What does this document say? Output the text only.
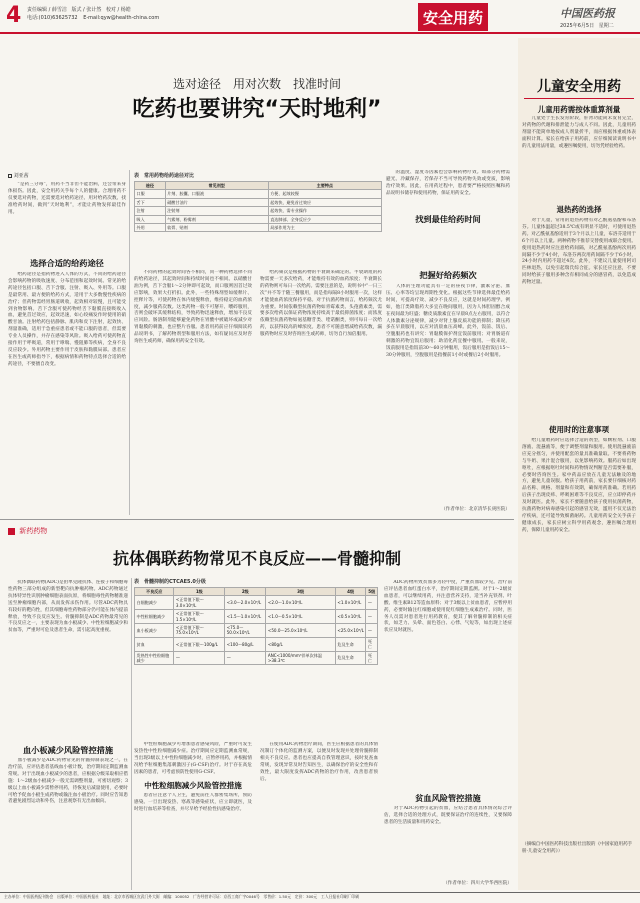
4 责任编辑 / 薛雪洁 版式 / 张计然 校对 / 杨皓
电话:(010)63625732 E-mail:qyw@health-china.com	安全用药	中国医药报
2025年6月5日 星期二
选对途径　用对次数　找准时间
吃药也要讲究“天时地利”
刘亚茜
　　“是药三分毒”，用药不当非但不能治病，还会带来身体损伤。因此，安全用药关乎每个人的健康。合理用药不仅要选对药物，还需要选对给药途径、用对给药次数、找准给药时间，做到“天时地利”，才能让药物发挥最佳作用。
选择合适的给药途径
　　给药途径是指药物进入人体的方式，不同的给药途径会影响药物的吸收速度、分布范围和起效时间。常见的给药途径包括口服、舌下含服、注射、吸入、外用等。口服是最常用、最方便的给药方式，适用于大多数慢性疾病的治疗；但药物需经胃肠道吸收，起效相对较慢，且可能受到食物影响。舌下含服可使药物经舌下黏膜直接吸收入血，避免首过效应，起效迅速，如心绞痛发作时使用的硝酸甘油。注射给药包括静脉、肌肉和皮下注射，起效快、剂量准确，适用于急重症患者或不能口服的患者，但需要专业人员操作，并存在感染等风险。吸入给药可使药物直接作用于呼吸道，常用于哮喘、慢阻肺等疾病，全身不良反应较少。外用药物主要作用于皮肤和黏膜局部。患者应在医生或药师指导下，根据病情和药物特点选择合适的给药途径，不要擅自改变。
表　常用药物给药途径对比
途径	常见剂型	主要特点
口服	片剂、胶囊、口服液	方便、起效较慢
舌下	硝酸甘油片	起效快、避免首过效应
注射	注射剂	起效快、需专业操作
吸入	气雾剂、粉雾剂	直达肺部、全身反应少
外用	软膏、贴剂	局部作用为主
　　不同药物的起效时间各不相同，同一种药物选择不同的给药途径，其起效时间和持续时间也不相同。以硝酸甘油为例，舌下含服1～2分钟即可起效，而口服则因首过效应影响，效果大打折扣。此外，一些特殊剂型如缓释片、控释片等，可使药物在体内缓慢释放，维持稳定的血药浓度，减少服药次数。这类药物一般不可掰开、嚼碎服用，否则会破坏其缓释结构，导致药物迅速释放，增加不良反应风险。肠溶制剂能够避免药物在胃酸中被破坏或减少对胃黏膜的刺激，也应整片吞服。患者用药前应仔细阅读药品说明书，了解药物剂型和服用方法，如有疑问应及时咨询医生或药师，确保用药安全有效。
　　给药频次是根据药物的半衰期来确定的。半衰期短的药物需要一天多次给药，才能维持有效的血药浓度；半衰期长的药物则可每日一次给药。需要注意的是，说明书中“一日三次”并不等于随三餐服用，而是指每隔8小时服用一次，这样才能使血药浓度保持平稳。对于抗菌药物而言，给药频次尤为重要。时间依赖型抗菌药物如青霉素类、头孢菌素类，需要多次给药以保证药物浓度持续高于最低抑菌浓度；而浓度依赖型抗菌药物如氨基糖苷类、喹诺酮类，则可每日一次给药，以获得较高的峰浓度。患者不可随意增减给药次数，漏服药物时应及时咨询医生或药师，切勿自行加倍服用。
把握好给药频次
　　的温度、湿度等因素也会影响药物疗效。如部分药物需避光、冷藏保存，若保存不当可导致药物失效或变质，影响治疗效果。因此，在用药过程中，患者要严格按照医嘱和药品说明书储存和使用药物，保证用药安全。
找到最佳给药时间
　　人体的生理功能具有一定的昼夜节律，激素分泌、血压、心率等均呈现周期性变化。根据这些节律选择最佳给药时间，可提高疗效、减少不良反应，这就是时间药理学。例如，他汀类降脂药大多宜在晚间服用，因为人体胆固醇合成在夜间最为旺盛；糖皮质激素宜在早晨8点左右服用，以符合人体激素分泌规律，减少对肾上腺皮质功能的抑制；降压药多在早晨服用，以应对清晨血压高峰。此外，饭前、饭后、空腹服药也有讲究：胃黏膜保护剂宜饭前服用；对胃肠道有刺激的药物宜饭后服用；助消化药宜餐中服用。一般来说，饭前服用是指饭前30～60分钟服用，饭后服用是指饭后15～30分钟服用，空腹服用是指餐前1小时或餐后2小时服用。
（作者单位：北京清华长庚医院）
儿童安全用药
儿童用药需按体重算剂量
　　儿童处于生长发育阶段，肝肾功能尚未发育完全，对药物的代谢和排泄能力与成人不同。因此，儿童用药剂量不能简单地按成人剂量折半，而应根据体重或体表面积计算。家长在给孩子用药前，应仔细阅读说明书中的儿童用法用量，或遵医嘱使用，切勿凭经验给药。
退热药的选择
　　对于儿童，常用的退热药物有对乙酰氨基酚和布洛芬。儿童体温超过38.5℃或有明显不适时，可使用退热药。对乙酰氨基酚适用于3个月以上儿童，布洛芬适用于6个月以上儿童。两种药物不推荐交替使用或联合使用。使用退热药时应注意给药间隔，对乙酰氨基酚两次用药间隔不少于4小时，布洛芬两次用药间隔不少于6小时，24小时内用药不超过4次。此外，不建议儿童使用阿司匹林退热，以免引起瑞氏综合征。家长还应注意，不要同时给孩子服用多种含有相同成分的感冒药，以免造成药物过量。
使用时的注意事项
　　给儿童喂药时应选择合适的剂型，如颗粒剂、口服溶液、混悬液等，便于调整剂量和服用。使用混悬液前应充分摇匀，并使用配套的量具准确量取。不要将药物与牛奶、果汁混合服用，以免影响药效。服药后如出现呕吐，应根据呕吐时间和药物情况判断是否需要补服，必要时咨询医生。家中药品应放在儿童无法触及的地方，避免儿童误服。给孩子用药前，家长要仔细核对药品名称、规格、剂量和有效期，确保用药准确。若用药后孩子出现皮疹、呼吸困难等不良反应，应立即停药并及时就医。此外，家长不要随意给孩子使用抗菌药物，抗菌药物对病毒感染引起的感冒无效，滥用不仅无法治疗疾病，还可能导致细菌耐药。儿童用药安全关乎孩子健康成长，家长应树立科学用药观念，遵医嘱合理用药，保障儿童用药安全。
（摘编自中国医药科技出版社出版的《中国家庭用药手册·儿童安全用药》）
新药药物
抗体偶联药物常见不良反应——骨髓抑制
　　抗体偶联药物(ADC)是由单克隆抗体、连接子和细胞毒性药物三部分组成的新型靶向抗肿瘤药物。ADC药物通过抗体特异性识别肿瘤细胞表面抗原，将细胞毒性药物精准递送至肿瘤细胞内部，从而发挥杀伤作用。尽管ADC药物具有较好的靶向性，但其细胞毒性药物部分仍可能在体内提前释放，导致不良反应发生。骨髓抑制是ADC药物最常见的不良反应之一，主要表现为血小板减少、中性粒细胞减少和贫血等，严重时可危及患者生命，需引起高度重视。
血小板减少风险管控措施
　　血小板减少是ADC药物常见的骨髓抑制表现之一。在治疗前，应评估患者基线血小板计数，治疗期间定期监测血常规。对于出现血小板减少的患者，应根据分级采取相应措施：1～2级血小板减少一般无需调整剂量，可密切观察；3级以上血小板减少需暂停用药，待恢复后减量使用，必要时可给予促血小板生成药物或输注血小板治疗。同时应告知患者避免剧烈运动和外伤，注意观察有无出血倾向。
表　骨髓抑制的CTCAE5.0分级
不良反应	1级	2级	3级	4级	5级
白细胞减少	<正常值下限～3.0×10⁹/L	<3.0～2.0×10⁹/L	<2.0～1.0×10⁹/L	<1.0×10⁹/L	—
中性粒细胞减少	<正常值下限～1.5×10⁹/L	<1.5～1.0×10⁹/L	<1.0～0.5×10⁹/L	<0.5×10⁹/L	—
血小板减少	<正常值下限～75.0×10⁹/L	<75.0～50.0×10⁹/L	<50.0～25.0×10⁹/L	<25.0×10⁹/L	—
贫血	<正常值下限～100g/L	<100～80g/L	<80g/L	危及生命	死亡
发热性中性粒细胞减少	—	—	ANC<1000/mm³伴单次体温>38.3℃	危及生命	死亡
　　中性粒细胞减少可增加患者感染风险，严重时可发生发热性中性粒细胞减少症。治疗期间应定期监测血常规，当出现3级以上中性粒细胞减少时，应暂停用药，并根据情况给予粒细胞集落刺激因子(G-CSF)治疗。对于存在高危因素的患者，可考虑预防性使用G-CSF。
中性粒细胞减少风险管控措施
　　患者应注意个人卫生，避免前往人群密集场所，预防感染。一旦出现发热、寒战等感染症状，应立即就医，及时进行血培养等检查，并尽早给予经验性抗感染治疗。
　　在使用ADC药物治疗期间，医生应根据患者的具体情况制订个体化的监测方案，以便及时发现并处理骨髓抑制相关不良反应。患者也应提高自我管理意识，按时复查血常规，发现异常及时告知医生，以确保治疗的安全性和有效性，最大限度发挥ADC药物的治疗作用，改善患者预后。
　　ADC药物所致贫血多为轻中度，严重贫血较少见。治疗前应评估患者血红蛋白水平，治疗期间定期监测。对于1～2级贫血患者，可以继续用药，并注意营养支持，适当补充铁剂、叶酸、维生素B12等造血原料；对于3级以上贫血患者，应暂停用药，必要时输注红细胞或使用促红细胞生成素治疗。同时，医务人员需对患者进行用药教育，使其了解骨髓抑制的相关症状，如乏力、头晕、面色苍白、心悸、气短等，如出现上述症状应及时就医。
贫血风险管控措施
　　对于ADC药物引起的贫血，应结合患者具体情况综合评估，选择合适的处理方式，既要保证治疗的连续性，又要保障患者的生活质量和用药安全。
（作者单位：四川大学华西医院）
主办单位：中国医药报刊协会　出版单位：中国医药报社　地址：北京市西城区宣武门外大街　邮编：100052　广告经营许可证：京西工商广字0046号　零售价：1.50元　定价：300元　工人日报社印刷厂印刷
